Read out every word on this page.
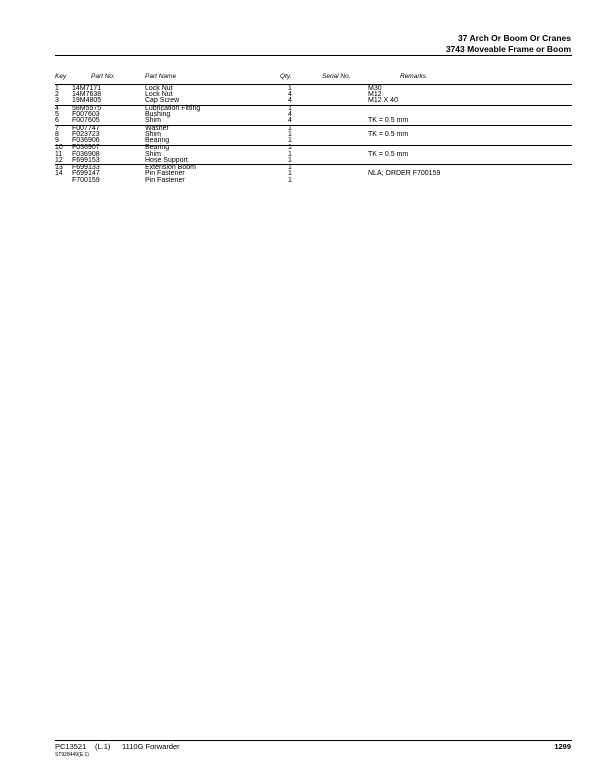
37 Arch Or Boom Or Cranes
3743 Moveable Frame or Boom
Key	Part No.	Part Name	Qty.	Serial No.	Remarks
1 14M7171	Lock Nut	1	M30
2 14M7638	Lock Nut	4	M12
3 19M4805	Cap Screw	4	M12 X 40
4 58M5575	Lubrication Fitting	1
5 F007603	Bushing	4
6 F007605	Shim	4	TK = 0.5 mm
7 F007747	Washer	1
8 F023723	Shim	1	TK = 0.5 mm
9 F036906	Bearing	1
10 F036907	Bearing	1
11 F036908	Shim	1	TK = 0.5 mm
12 F699153	Hose Support	1
13 F699133	Extension Boom	1
14 F699147	Pin Fastener	1	NLA; ORDER F700159
F700159	Pin Fastener	1
PC13521 (L.1) 1110G Forwarder	1299
ST928449(E.1)
